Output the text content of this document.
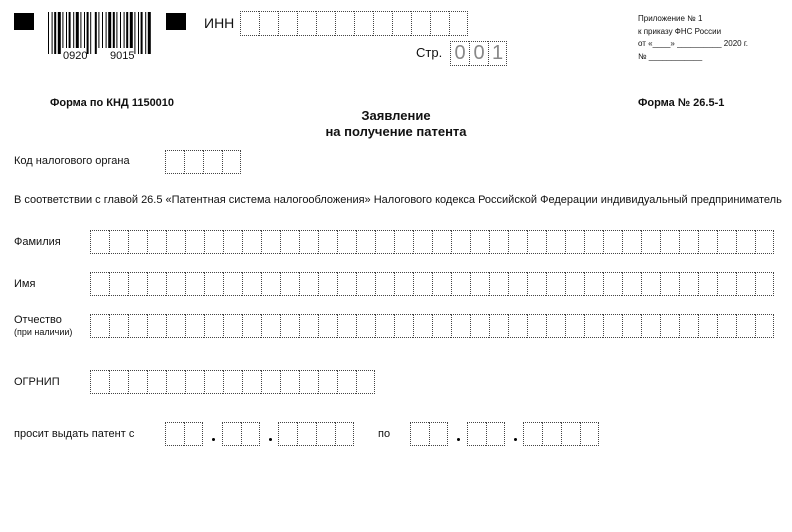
0920 9015
ИНН
Стр. 0 0 1
Приложение № 1
к приказу ФНС России
от «____» __________ 2020 г.
№ ____________
Форма по КНД 1150010	Форма № 26.5-1
Заявление
на получение патента
Код налогового органа
В соответствии с главой 26.5 «Патентная система налогообложения» Налогового кодекса Российской Федерации индивидуальный предприниматель
Фамилия
Имя
Отчество
(при наличии)
ОГРНИП
просит выдать патент с	по
